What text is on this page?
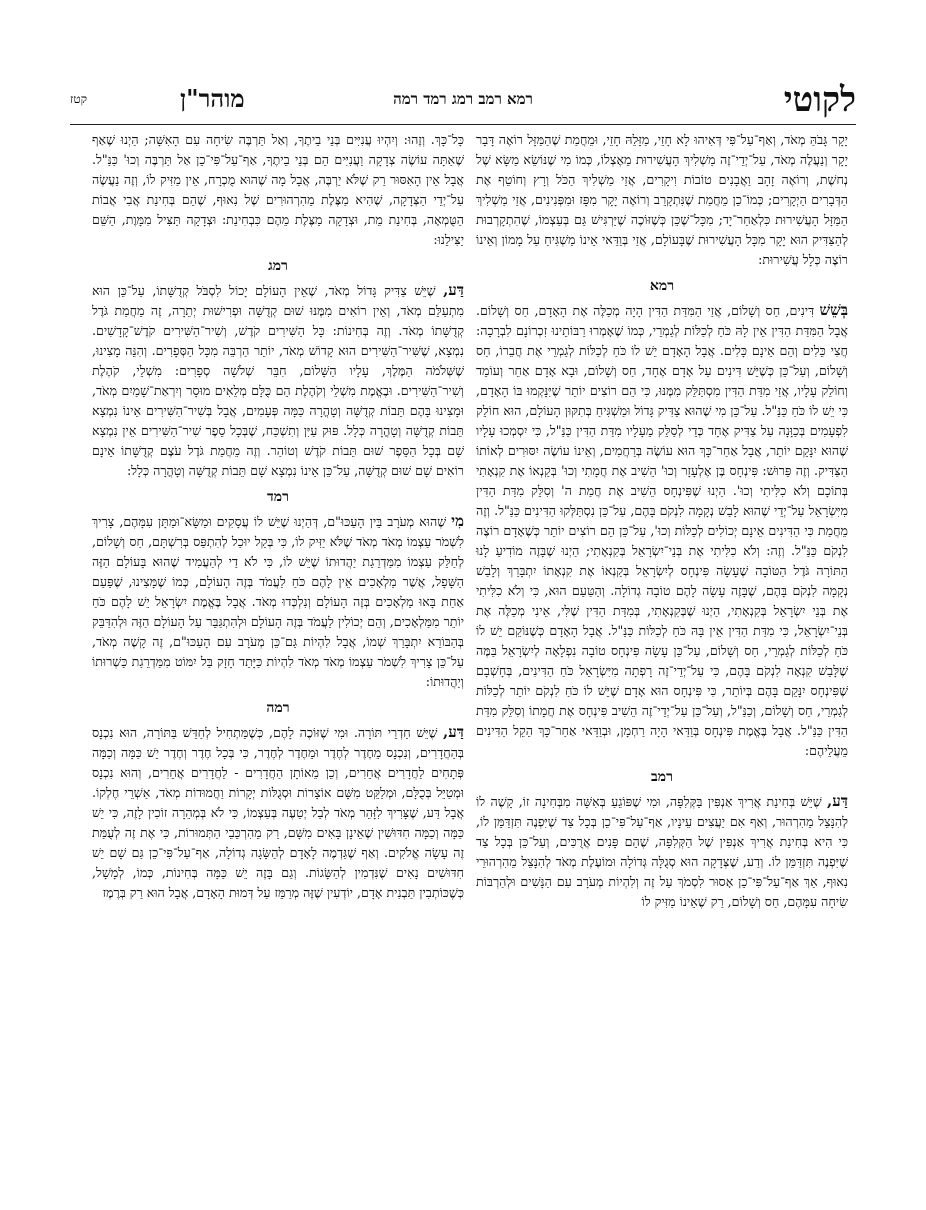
לקוטי
רמא רמב רמג רמד רמה
מוהר"ן
קטז

יָקָר גָּבֹהַּ מְאֹד, וְאַף־עַל־פִּי דְּאִיהוּ לָא חָזֵי, מַזָּלֵהּ חָזֵי, וּמֵחֲמַת שֶׁהַמַּזָּל רוֹאֶה דָּבָר יָקָר וְנַעֲלֶה מְאֹד, עַל־יְדֵי־זֶה מַשְׁלִיךְ הָעֲשִׁירוּת מֵאֶצְלוֹ, כְּמוֹ מִי שֶׁנּוֹשֵׂא מַשָּׂא שֶׁל נְחשֶׁת, וְרוֹאֶה זָהָב וַאֲבָנִים טוֹבוֹת וִיקָרִים, אֲזַי מַשְׁלִיךְ הַכֹּל וְרָץ וְחוֹטֵף אֶת הַדְּבָרִים הַיְקָרִים; כְּמוֹ־כֵן מֵחֲמַת שֶׁנִּתְקָרֵב וְרוֹאֶה יָקָר מִפָּז וּמִפְּנִינִים, אֲזַי מַשְׁלִיךְ הַמַּזָּל הָעֲשִׁירוּת כִּלְאַחַר־יָד; מִכָּל־שֶׁכֵּן כְּשֶׁזּוֹכֶה שֶׁיַּרְגִּישׁ גַּם בְּעַצְמוֹ, שֶׁהִתְקָרְבוּת לְהַצַּדִּיק הוּא יָקָר מִכָּל הָעֲשִׁירוּת שֶׁבָּעוֹלָם, אֲזַי בְּוַדַּאי אֵינוֹ מַשְׁגִּיחַ עַל מָמוֹן וְאֵינוֹ רוֹצֶה כְּלָל עֲשִׁירוּת:

רמא

בְּשֵׁשׁ דִּינִים, חַס וְשָׁלוֹם, אֲזַי הַמִּדַּת הַדִּין הָיָה מְכַלֶּה אֶת הָאָדָם, חַס וְשָׁלוֹם. אֲבָל הַמִּדַּת הַדִּין אֵין לָהּ כֹּחַ לְכַלּוֹת לְגַמְרֵי, כְּמוֹ שֶׁאָמְרוּ רַבּוֹתֵינוּ זִכְרוֹנָם לִבְרָכָה: חֲצִי כֵּלִים וְהֵם אֵינָם כָּלִים. אֲבָל הָאָדָם יֵשׁ לוֹ כֹּחַ לְכַלּוֹת לְגַמְרֵי אֶת חֲבֵרוֹ, חַס וְשָׁלוֹם, וְעַל־כֵּן כְּשֶׁיֵּשׁ דִּינִים עַל אָדָם אֶחָד, חַס וְשָׁלוֹם, וּבָא אָדָם אַחֵר וְעוֹמֵד וְחוֹלֵק עָלָיו, אֲזַי מִדַּת הַדִּין מִסְתַּלֵּק מִמֶּנּוּ, כִּי הֵם רוֹצִים יוֹתֵר שֶׁיִּנָּקְמוּ בּוֹ הָאָדָם, כִּי יֵשׁ לוֹ כֹּחַ כַּנַּ"ל. עַל־כֵּן מִי שֶׁהוּא צַדִּיק גָּדוֹל וּמַשְׁגִּיחַ בְּתִקּוּן הָעוֹלָם, הוּא חוֹלֵק לִפְעָמִים בְּכַוָּנָה עַל צַדִּיק אֶחָד כְּדֵי לְסַלֵּק מֵעָלָיו מִדַּת הַדִּין כַּנַּ"ל, כִּי יִסְמְכוּ עָלָיו שֶׁהוּא יִנָּקֵם יוֹתֵר, אֲבָל אַחַר־כָּךְ הוּא עוֹשֶׂה בְּרַחֲמִים, וְאֵינוֹ עוֹשֶׂה יִסּוּרִים לְאוֹתוֹ הַצַּדִּיק. וְזֶה פֵּרוּשׁ: פִּינְחָס בֶּן אֶלְעָזָר וְכוּ' הֵשִׁיב אֶת חֲמָתִי וְכוּ' בְּקַנְאוֹ אֶת קִנְאָתִי בְּתוֹכָם וְלֹא כִלִּיתִי וְכוּ'. הַיְנוּ שֶׁפִּינְחָס הֵשִׁיב אֶת חֲמַת ה' וְסִלֵּק מִדַּת הַדִּין מִיִּשְׂרָאֵל עַל־יְדֵי שֶׁהוּא לָבַשׁ נְקָמָה לִנְקֹם בָּהֶם, עַל־כֵּן נִסְתַּלְּקוּ הַדִּינִים כַּנַּ"ל. וְזֶה מֵחֲמַת כִּי הַדִּינִים אֵינָם יְכוֹלִים לְכַלּוֹת וְכוּ', עַל־כֵּן הֵם רוֹצִים יוֹתֵר כְּשֶׁאָדָם רוֹצֶה לִנְקֹם כַּנַּ"ל. וְזֶה: וְלֹא כִלִּיתִי אֶת בְּנֵי־יִשְׂרָאֵל בְּקִנְאָתִי; הַיְנוּ שֶׁבָּזֶה מוֹדִיעַ לָנוּ הַתּוֹרָה גֹּדֶל הַטּוֹבָה שֶׁעָשָׂה פִּינְחָס לְיִשְׂרָאֵל בְּקַנְאוֹ אֶת קִנְאָתוֹ יִתְבָּרַךְ וְלָבַשׁ נְקָמָה לִנְקֹם בָּהֶם, שֶׁבָּזֶה עָשָׂה לָהֶם טוֹבָה גְדוֹלָה. וְהַטַּעַם הוּא, כִּי וְלֹא כִלִּיתִי אֶת בְּנֵי יִשְׂרָאֵל בְּקִנְאָתִי, הַיְנוּ שֶׁבְּקִנְאָתִי, בְּמִדַּת הַדִּין שֶׁלִּי, אֵינִי מְכַלֶּה אֶת בְּנֵי־יִשְׂרָאֵל, כִּי מִדַּת הַדִּין אֵין בָּהּ כֹּחַ לְכַלּוֹת כַּנַּ"ל. אֲבָל הָאָדָם כְּשֶׁנּוֹקֵם יֵשׁ לוֹ כֹּחַ לְכַלּוֹת לְגַמְרֵי, חַס וְשָׁלוֹם, עַל־כֵּן עָשָׂה פִּינְחָס טוֹבָה נִפְלָאָה לְיִשְׂרָאֵל בַּמֶּה שֶׁלָּבַשׁ קִנְאָה לִנְקֹם בָּהֶם, כִּי עַל־יְדֵי־זֶה רָפְתָה מִיִּשְׂרָאֵל כֹּחַ הַדִּינִים, בְּחָשְׁבָם שֶׁפִּינְחָס יִנָּקֵם בָּהֶם בְּיוֹתֵר, כִּי פִּינְחָס הוּא אָדָם שֶׁיֵּשׁ לוֹ כֹּחַ לִנְקֹם יוֹתֵר לְכַלּוֹת לְגַמְרֵי, חַס וְשָׁלוֹם, וְכַנַּ"ל, וְעַל־כֵּן עַל־יְדֵי־זֶה הֵשִׁיב פִּינְחָס אֶת חֲמָתוֹ וְסִלֵּק מִדַּת הַדִּין כַּנַּ"ל. אֲבָל בֶּאֱמֶת פִּינְחָס בְּוַדַּאי הָיָה רַחְמָן, וּבְוַדַּאי אַחַר־כָּךְ הֵקֵל הַדִּינִים מֵעֲלֵיהֶם:

רמב

דַּע, שֶׁיֵּשׁ בְּחִינַת אֲרִיךְ אַנְפִּין בַּקְּלִפָּה, וּמִי שֶׁפּוֹגֵעַ בְּאִשָּׁה מִבְּחִינָה זוֹ, קָשֶׁה לוֹ לְהִנָּצֵל מֵהִרְהוּר, וְאַף אִם יַעֲצִים עֵינָיו, אַף־עַל־פִּי־כֵן בְּכָל צַד שֶׁיִּפְנֶה תִּזְדַּמֵּן לוֹ, כִּי הִיא בְּחִינַת אֲרִיךְ אַנְפִּין שֶׁל הַקְּלִפָּה, שֶׁהֵם פָּנִים אֲרֻכִּים, וְעַל־כֵּן בְּכָל צַד שֶׁיִּפְנֶה תִּזְדַּמֵּן לוֹ. וְדַע, שֶׁצְּדָקָה הוּא סְגֻלָּה גְּדוֹלָה וּמוֹעֶלֶת מְאֹד לְהִנָּצֵל מֵהִרְהוּרֵי נִאוּף, אַךְ אַף־עַל־פִּי־כֵן אָסוּר לִסְמֹךְ עַל זֶה וְלִהְיוֹת מְעֹרָב עִם הַנָּשִׁים וּלְהַרְבּוֹת שִׂיחָה עִמָּהֶם, חַס וְשָׁלוֹם, רַק שֶׁאֵינוֹ מַזִּיק לוֹ

כָּל־כָּךְ. וְזֶהוּ: וְיִהְיוּ עֲנִיִּים בְּנֵי בֵיתֶךָ, וְאַל תַּרְבֶּה שִׂיחָה עִם הָאִשָּׁה; הַיְנוּ שֶׁאַף שֶׁאַתָּה עוֹשֶׂה צְדָקָה וַעֲנִיִּים הֵם בְּנֵי בֵיתֶךָ, אַף־עַל־פִּי־כֵן אַל תַּרְבֶּה וְכוּ' כַּנַּ"ל. אֲבָל אֵין הָאִסּוּר רַק שֶׁלֹּא יַרְבֶּה, אֲבָל מָה שֶׁהוּא מֻכְרָח, אֵין מַזִּיק לוֹ, וְזֶה נַעֲשֶׂה עַל־יְדֵי הַצְּדָקָה, שֶׁהִיא מַצֶּלֶת מֵהִרְהוּרִים שֶׁל נִאוּף, שֶׁהֵם בְּחִינַת אֲבִי אֲבוֹת הַטֻּמְאָה, בְּחִינַת מֵת, וּצְדָקָה מַצֶּלֶת מֵהֶם כִּבְחִינַת: וּצְדָקָה תַּצִּיל מִמָּוֶת, הַשֵּׁם יַצִּילֵנוּ:

רמג

דַּע, שֶׁיֵּשׁ צַדִּיק גָּדוֹל מְאֹד, שֶׁאֵין הָעוֹלָם יָכוֹל לִסְבֹּל קְדֻשָּׁתוֹ, עַל־כֵּן הוּא מִתְעַלֵּם מְאֹד, וְאֵין רוֹאִים מִמֶּנּוּ שׁוּם קְדֻשָּׁה וּפְרִישׁוּת יְתֵרָה, זֶה מֵחֲמַת גֹּדֶל קְדֻשָּׁתוֹ מְאֹד. וְזֶה בְּחִינוֹת: כָּל הַשִּׁירִים קֹדֶשׁ, וְשִׁיר־הַשִּׁירִים קֹדֶשׁ־קָדָשִׁים. נִמְצָא, שֶׁשִּׁיר־הַשִּׁירִים הוּא קָדוֹשׁ מְאֹד, יוֹתֵר הַרְבֵּה מִכָּל הַסְּפָרִים. וְהִנֵּה מָצִינוּ, שֶׁשְּׁלֹמֹה הַמֶּלֶךְ, עָלָיו הַשָּׁלוֹם, חִבֵּר שְׁלֹשָׁה סְפָרִים: מִשְׁלֵי, קֹהֶלֶת וְשִׁיר־הַשִּׁירִים. וּבֶאֱמֶת מִשְׁלֵי וְקֹהֶלֶת הֵם כֻּלָּם מְלֵאִים מוּסָר וְיִרְאַת־שָׁמַיִם מְאֹד, וּמָצִינוּ בָּהֶם תֵּבוֹת קְדֻשָּׁה וְטָהֳרָה כַּמָּה פְּעָמִים, אֲבָל בְּשִׁיר־הַשִּׁירִים אֵינוֹ נִמְצָא תֵּבוֹת קְדֻשָּׁה וְטָהֳרָה כְּלָל. פּוּק עַיִּן וְתִשְׁכַּח, שֶׁבְּכָל סֵפֶר שִׁיר־הַשִּׁירִים אֵין נִמְצָא שָׁם בְּכָל הַסֵּפֶר שׁוּם תֵּבוֹת קֹדֶשׁ וְטוֹהַר. וְזֶה מֵחֲמַת גֹּדֶל עֹצֶם קְדֻשָּׁתוֹ אֵינָם רוֹאִים שָׁם שׁוּם קְדֻשָּׁה, עַל־כֵּן אֵינוֹ נִמְצָא שָׁם תֵּבוֹת קְדֻשָּׁה וְטָהֳרָה כְּלָל:

רמד

מִי שֶׁהוּא מְעֹרָב בֵּין הָעַכּוּ"ם, דְּהַיְנוּ שֶׁיֵּשׁ לוֹ עֲסָקִים וּמַשָּׂא־וּמַתָּן עִמָּהֶם, צָרִיךְ לִשְׁמֹר עַצְמוֹ מְאֹד מְאֹד שֶׁלֹּא יַזִּיק לוֹ, כִּי בְּקַל יוּכַל לְהִתְפַּס בְּרִשְׁתָּם, חַס וְשָׁלוֹם, לְחַלֵּק עַצְמוֹ מִמַּדְרֵגַת יַהֲדוּתוֹ שֶׁיֵּשׁ לוֹ, כִּי לֹא דַי לְהַעֲמִיד שֶׁהוּא בָּעוֹלָם הַזֶּה הַשָּׁפָל, אֲשֶׁר מַלְאָכִים אֵין לָהֶם כֹּחַ לַעֲמֹד בְּזֶה הָעוֹלָם, כְּמוֹ שֶׁמָּצִינוּ, שֶׁפַּעַם אַחַת בָּאוּ מַלְאָכִים בְּזֶה הָעוֹלָם וְנִלְכְּדוּ מְאֹד. אֲבָל בֶּאֱמֶת יִשְׂרָאֵל יֵשׁ לָהֶם כֹּחַ יוֹתֵר מִמַּלְאָכִים, וְהֵם יְכוֹלִין לַעֲמֹד בְּזֶה הָעוֹלָם וּלְהִתְגַּבֵּר עַל הָעוֹלָם הַזֶּה וּלְהִדַּבֵּק בְּהַבּוֹרֵא יִתְבָּרַךְ שְׁמוֹ, אֲבָל לִהְיוֹת גַּם־כֵּן מְעֹרָב עִם הָעַכּוּ"ם, זֶה קָשֶׁה מְאֹד, עַל־כֵּן צָרִיךְ לִשְׁמֹר עַצְמוֹ מְאֹד מְאֹד לִהְיוֹת כַּיָּתֵד חָזָק בַּל יִמּוֹט מִמַּדְרֵגַת כַּשְׁרוּתוֹ וְיַהֲדוּתוֹ:

רמה

דַּע, שֶׁיֵּשׁ חַדְרֵי תּוֹרָה. וּמִי שֶׁזּוֹכֶה לָהֶם, כְּשֶׁמַּתְחִיל לְחַדֵּשׁ בַּתּוֹרָה, הוּא נִכְנָס בְּהַחֲדָרִים, וְנִכְנָס מֵחֶדֶר לְחֶדֶר וּמֵחֶדֶר לְחֶדֶר, כִּי בְּכָל חֶדֶר וְחֶדֶר יֵשׁ כַּמָּה וְכַמָּה פְּתָחִים לַחֲדָרִים אֲחֵרִים, וְכֵן מֵאוֹתָן הַחֲדָרִים - לַחֲדָרִים אֲחֵרִים, וְהוּא נִכְנָס וּמְטַיֵּל בְּכֻלָּם, וּמְלַקֵּט מִשָּׁם אוֹצָרוֹת וּסְגֻלּוֹת יְקָרוֹת וַחֲמוּדוֹת מְאֹד, אַשְׁרֵי חֶלְקוֹ. אֲבָל דַּע, שֶׁצָּרִיךְ לִזָּהֵר מְאֹד לְבַל יְטַעֶה בְּעַצְמוֹ, כִּי לֹא בְּמְהֵרָה זוֹכִין לָזֶה, כִּי יֵשׁ כַּמָּה וְכַמָּה חִדּוּשִׁין שֶׁאֵינָן בָּאִים מִשָּׁם, רַק מֵהִרְכֵּבֵי הַתְּמוּרוֹת, כִּי אֶת זֶה לְעֻמַּת זֶה עָשָׂה אֱלֹקִים. וְאַף שֶׁגַּדְמֶה לָאָדָם לְהַשָּׂגָה גְדוֹלָה, אַף־עַל־פִּי־כֵן גַּם שָׁם יֵשׁ חִדּוּשִׁים נָאִים שֶׁנִּדְמִין לְהַשָּׂגוֹת. וְגַם בָּזֶה יֵשׁ כַּמָּה בְּחִינוֹת, כְּמוֹ, לְמָשָׁל, כְּשֶׁכּוֹתְבִין תַּבְנִית אָדָם, יוֹדְעִין שֶׁזֶּה מְרַמֵּז עַל דְּמוּת הָאָדָם, אֲבָל הוּא רַק בְּרֶמֶז
